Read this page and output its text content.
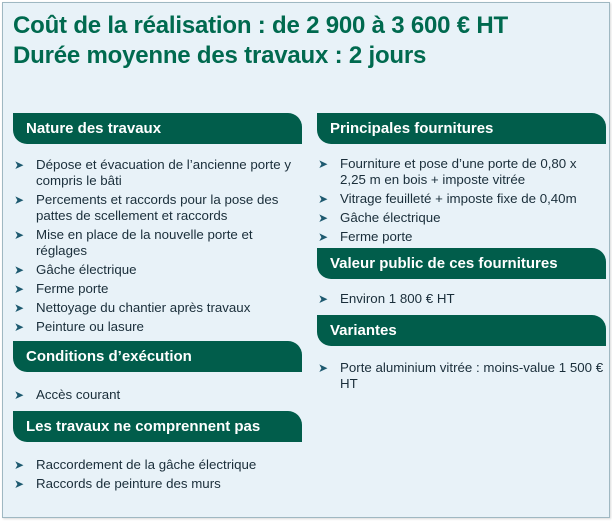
Coût de la réalisation : de 2 900 à 3 600 € HT
Durée moyenne des travaux : 2 jours
Nature des travaux
➤ Dépose et évacuation de l’ancienne porte y compris le bâti
➤ Percements et raccords pour la pose des pattes de scellement et raccords
➤ Mise en place de la nouvelle porte et réglages
➤ Gâche électrique
➤ Ferme porte
➤ Nettoyage du chantier après travaux
➤ Peinture ou lasure
Conditions d’exécution
➤ Accès courant
Les travaux ne comprennent pas
➤ Raccordement de la gâche électrique
➤ Raccords de peinture des murs
Principales fournitures
➤ Fourniture et pose d’une porte de 0,80 x 2,25 m en bois + imposte vitrée
➤ Vitrage feuilleté + imposte fixe de 0,40m
➤ Gâche électrique
➤ Ferme porte
Valeur public de ces fournitures
➤ Environ 1 800 € HT
Variantes
➤ Porte aluminium vitrée : moins-value 1 500 € HT
